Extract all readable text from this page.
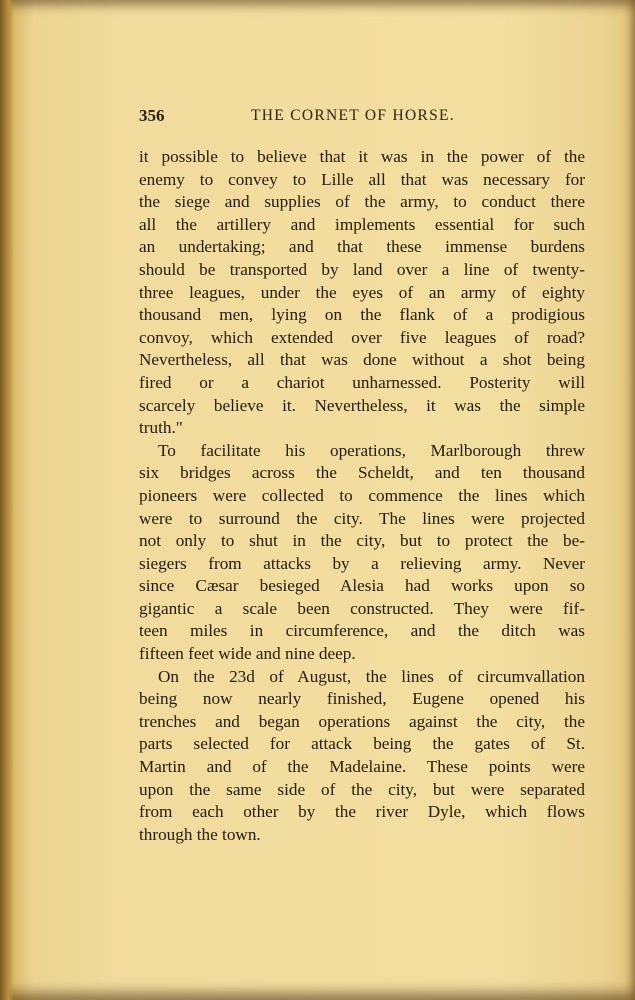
356	THE CORNET OF HORSE.
it possible to believe that it was in the power of the
enemy to convey to Lille all that was necessary for
the siege and supplies of the army, to conduct there
all the artillery and implements essential for such
an undertaking; and that these immense burdens
should be transported by land over a line of twenty-
three leagues, under the eyes of an army of eighty
thousand men, lying on the flank of a prodigious
convoy, which extended over five leagues of road?
Nevertheless, all that was done without a shot being
fired or a chariot unharnessed. Posterity will
scarcely believe it. Nevertheless, it was the simple
truth."
To facilitate his operations, Marlborough threw
six bridges across the Scheldt, and ten thousand
pioneers were collected to commence the lines which
were to surround the city. The lines were projected
not only to shut in the city, but to protect the be-
siegers from attacks by a relieving army. Never
since Cæsar besieged Alesia had works upon so
gigantic a scale been constructed. They were fif-
teen miles in circumference, and the ditch was
fifteen feet wide and nine deep.
On the 23d of August, the lines of circumvallation
being now nearly finished, Eugene opened his
trenches and began operations against the city, the
parts selected for attack being the gates of St.
Martin and of the Madelaine. These points were
upon the same side of the city, but were separated
from each other by the river Dyle, which flows
through the town.
